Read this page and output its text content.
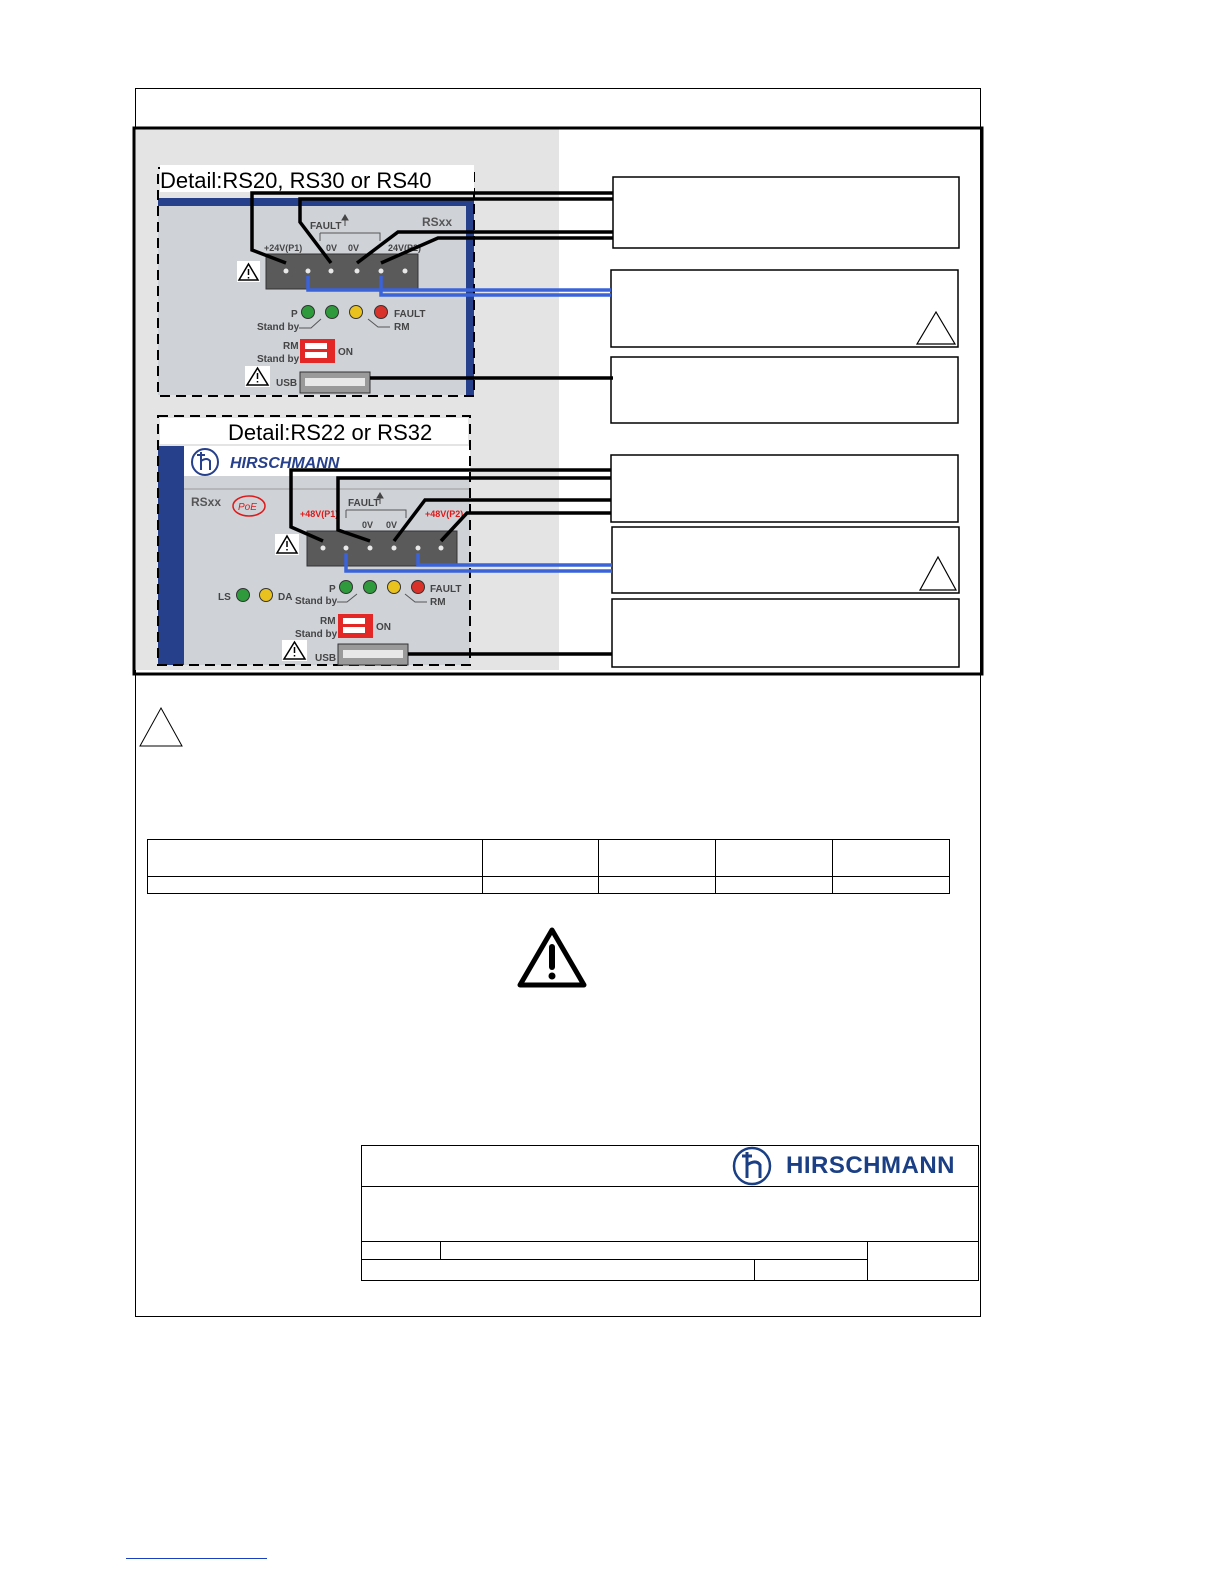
Detail:RS20, RS30 or RS40
FAULT	RSxx
+24V(P1)	0V 0V	24V(P2)
P	FAULT
Stand by	RM
RM
Stand by
ON
USB
Detail:RS22 or RS32
HIRSCHMANN
RSxx PoE	FAULT
+48V(P1)
0V 0V
+48V(P2)
LS	DA
P	FAULT
Stand by	RM
RM
Stand by
ON
USB

HIRSCHMANN
